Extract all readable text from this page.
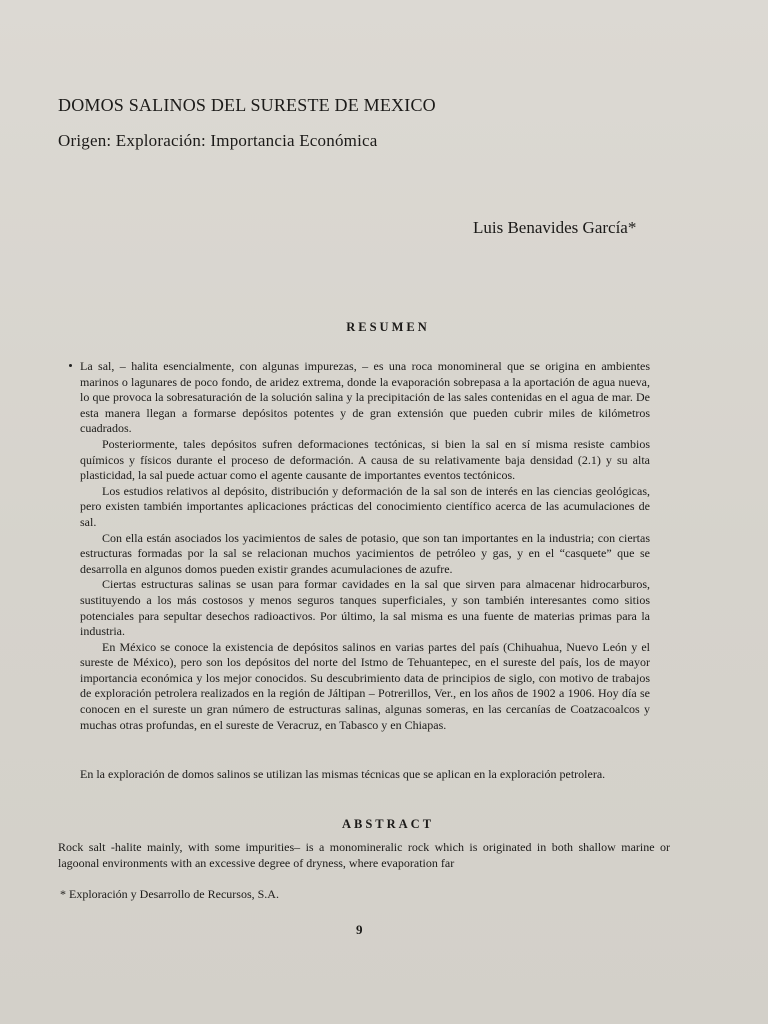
DOMOS SALINOS DEL SURESTE DE MEXICO
Origen: Exploración: Importancia Económica
Luis Benavides García*
RESUMEN

La sal, – halita esencialmente, con algunas impurezas, – es una roca monomineral que se origina en ambientes marinos o lagunares de poco fondo, de aridez extrema, donde la evaporación sobrepasa a la aportación de agua nueva, lo que provoca la sobresaturación de la solución salina y la precipitación de las sales contenidas en el agua de mar. De esta manera llegan a formarse depósitos potentes y de gran extensión que pueden cubrir miles de kilómetros cuadrados.

Posteriormente, tales depósitos sufren deformaciones tectónicas, si bien la sal en sí misma resiste cambios químicos y físicos durante el proceso de deformación. A causa de su relativamente baja densidad (2.1) y su alta plasticidad, la sal puede actuar como el agente causante de importantes eventos tectónicos.

Los estudios relativos al depósito, distribución y deformación de la sal son de interés en las ciencias geológicas, pero existen también importantes aplicaciones prácticas del conocimiento científico acerca de las acumulaciones de sal.

Con ella están asociados los yacimientos de sales de potasio, que son tan importantes en la industria; con ciertas estructuras formadas por la sal se relacionan muchos yacimientos de petróleo y gas, y en el “casquete” que se desarrolla en algunos domos pueden existir grandes acumulaciones de azufre.

Ciertas estructuras salinas se usan para formar cavidades en la sal que sirven para almacenar hidrocarburos, sustituyendo a los más costosos y menos seguros tanques superficiales, y son también interesantes como sitios potenciales para sepultar desechos radioactivos. Por último, la sal misma es una fuente de materias primas para la industria.

En México se conoce la existencia de depósitos salinos en varias partes del país (Chihuahua, Nuevo León y el sureste de México), pero son los depósitos del norte del Istmo de Tehuantepec, en el sureste del país, los de mayor importancia económica y los mejor conocidos. Su descubrimiento data de principios de siglo, con motivo de trabajos de exploración petrolera realizados en la región de Jáltipan – Potrerillos, Ver., en los años de 1902 a 1906. Hoy día se conocen en el sureste un gran número de estructuras salinas, algunas someras, en las cercanías de Coatzacoalcos y muchas otras profundas, en el sureste de Veracruz, en Tabasco y en Chiapas.

En la exploración de domos salinos se utilizan las mismas técnicas que se aplican en la exploración petrolera.

ABSTRACT
Rock salt -halite mainly, with some impurities– is a monomineralic rock which is originated in both shallow marine or lagoonal environments with an excessive degree of dryness, where evaporation far
* Exploración y Desarrollo de Recursos, S.A.
9
